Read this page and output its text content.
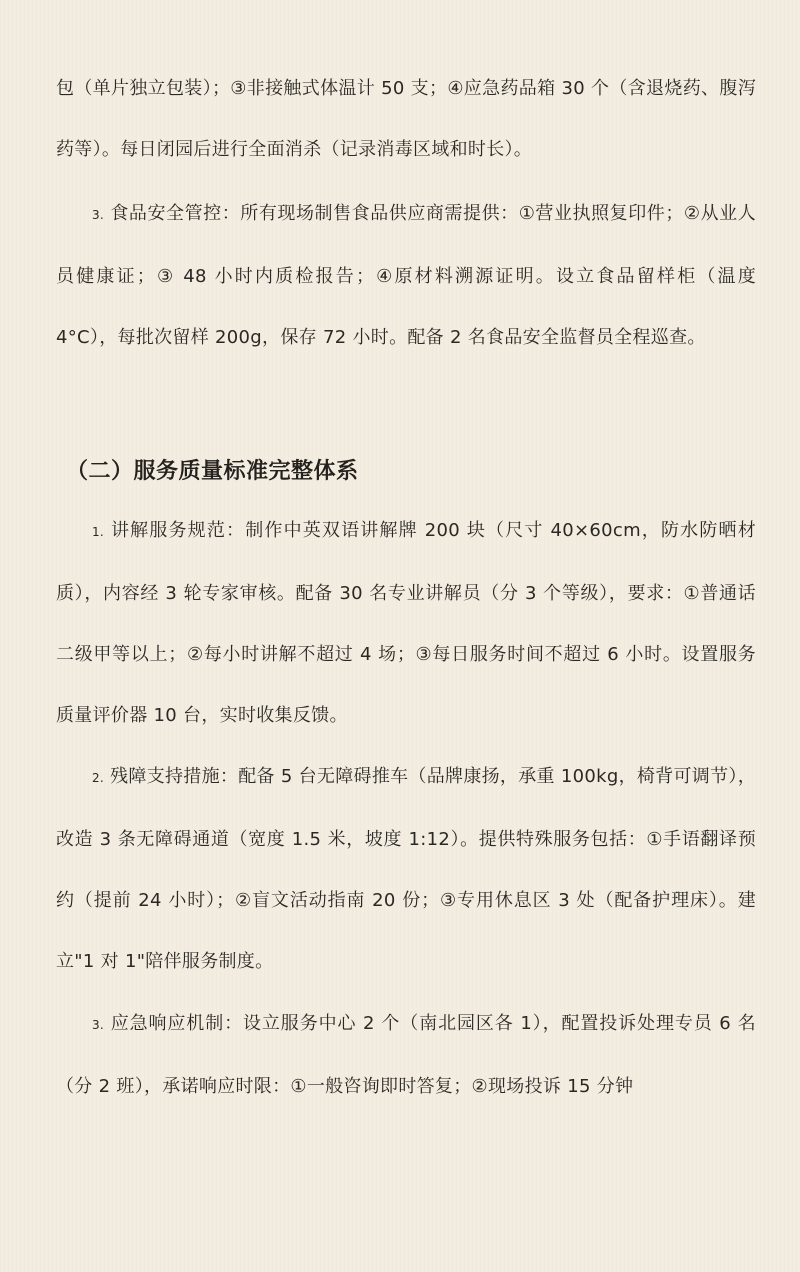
包（单片独立包装）；③非接触式体温计 50 支；④应急药品箱 30 个（含退烧药、腹泻药等）。每日闭园后进行全面消杀（记录消毒区域和时长）。

3. 食品安全管控：所有现场制售食品供应商需提供：①营业执照复印件；②从业人员健康证；③ 48 小时内质检报告；④原材料溯源证明。设立食品留样柜（温度 4°C），每批次留样 200g，保存 72 小时。配备 2 名食品安全监督员全程巡查。

（二）服务质量标准完整体系

1. 讲解服务规范：制作中英双语讲解牌 200 块（尺寸 40×60cm，防水防晒材质），内容经 3 轮专家审核。配备 30 名专业讲解员（分 3 个等级），要求：①普通话二级甲等以上；②每小时讲解不超过 4 场；③每日服务时间不超过 6 小时。设置服务质量评价器 10 台，实时收集反馈。

2. 残障支持措施：配备 5 台无障碍推车（品牌康扬，承重 100kg，椅背可调节），改造 3 条无障碍通道（宽度 1.5 米，坡度 1:12）。提供特殊服务包括：①手语翻译预约（提前 24 小时）；②盲文活动指南 20 份；③专用休息区 3 处（配备护理床）。建立"1 对 1"陪伴服务制度。

3. 应急响应机制：设立服务中心 2 个（南北园区各 1），配置投诉处理专员 6 名（分 2 班），承诺响应时限：①一般咨询即时答复；②现场投诉 15 分钟
